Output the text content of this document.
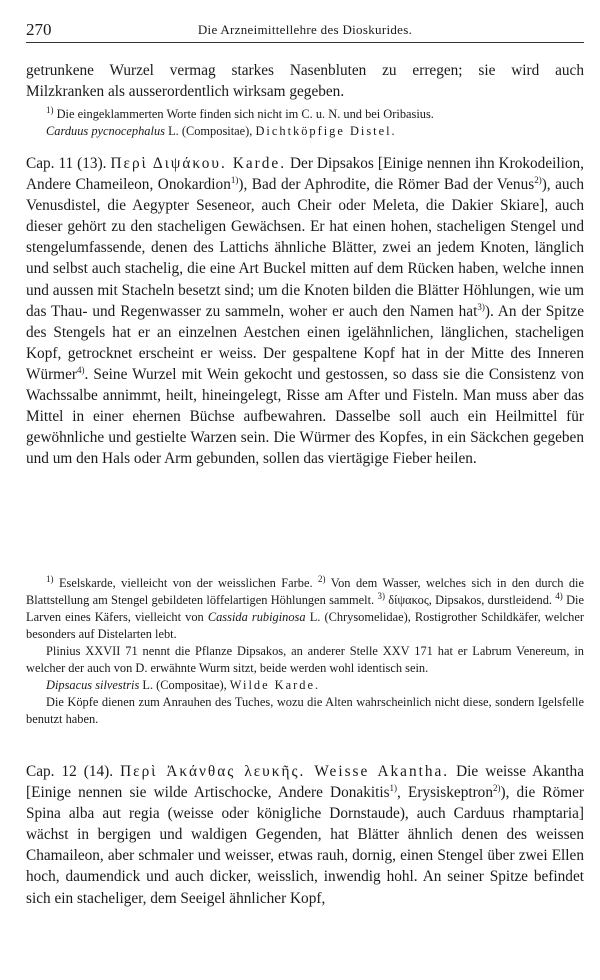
270	Die Arzneimittellehre des Dioskurides.

getrunkene Wurzel vermag starkes Nasenbluten zu erregen; sie wird auch

Milzkranken als ausserordentlich wirksam gegeben.

$^{1)}$ Die eingeklammerten Worte finden sich nicht im C. u. N. und bei Oribasius.

Carduus pycnocephalus L. (Compositae), Dichtköpfige Distel.

Cap. 11 (13). Περὶ Διψάκου. Karde. Der Dipsakos [Einige nennen ihn Krokodeilion, Andere Chameileon, Onokardion$^{1)}$), Bad der Aphrodite, die Römer Bad der Venus$^{2)}$), auch Venusdistel, die Aegypter Seseneor, auch Cheir oder Meleta, die Dakier Skiare], auch dieser gehört zu den stacheligen Gewächsen. Er hat einen hohen, stacheligen Stengel und stengelumfassende, denen des Lattichs ähnliche Blätter, zwei an jedem Knoten, länglich und selbst auch stachelig, die eine Art Buckel mitten auf dem Rücken haben, welche innen und aussen mit Stacheln besetzt sind; um die Knoten bilden die Blätter Höhlungen, wie um das Thau- und Regenwasser zu sammeln, woher er auch den Namen hat$^{3)}$). An der Spitze des Stengels hat er an einzelnen Aestchen einen igelähnlichen, länglichen, stacheligen Kopf, getrocknet erscheint er weiss. Der gespaltene Kopf hat in der Mitte des Inneren Würmer$^{4)}$. Seine Wurzel mit Wein gekocht und gestossen, so dass sie die Consistenz von Wachssalbe annimmt, heilt, hineingelegt, Risse am After und Fisteln. Man muss aber das Mittel in einer ehernen Büchse aufbewahren. Dasselbe soll auch ein Heilmittel für gewöhnliche und gestielte Warzen sein. Die Würmer des Kopfes, in ein Säckchen gegeben und um den Hals oder Arm gebunden, sollen das viertägige Fieber heilen.

$^{1)}$ Eselskarde, vielleicht von der weisslichen Farbe. $^{2)}$ Von dem Wasser, welches sich in den durch die Blattstellung am Stengel gebildeten löffelartigen Höhlungen sammelt. $^{3)}$ δίψακος, Dipsakos, durstleidend. $^{4)}$ Die Larven eines Käfers, vielleicht von Cassida rubiginosa L. (Chrysomelidae), Rostigrother Schildkäfer, welcher besonders auf Distelarten lebt.

Plinius XXVII 71 nennt die Pflanze Dipsakos, an anderer Stelle XXV 171 hat er Labrum Venereum, in welcher der auch von D. erwähnte Wurm sitzt, beide werden wohl identisch sein.

Dipsacus silvestris L. (Compositae), Wilde Karde.

Die Köpfe dienen zum Anrauhen des Tuches, wozu die Alten wahrscheinlich nicht diese, sondern Igelsfelle benutzt haben.

Cap. 12 (14). Περὶ Ἀκάνθας λευκῆς. Weisse Akantha. Die weisse Akantha [Einige nennen sie wilde Artischocke, Andere Donakitis$^{1)}$, Erysiskeptron$^{2)}$), die Römer Spina alba aut regia (weisse oder königliche Dornstaude), auch Carduus rhamptaria] wächst in bergigen und waldigen Gegenden, hat Blätter ähnlich denen des weissen Chamaileon, aber schmaler und weisser, etwas rauh, dornig, einen Stengel über zwei Ellen hoch, daumendick und auch dicker, weisslich, inwendig hohl. An seiner Spitze befindet sich ein stacheliger, dem Seeigel ähnlicher Kopf,
